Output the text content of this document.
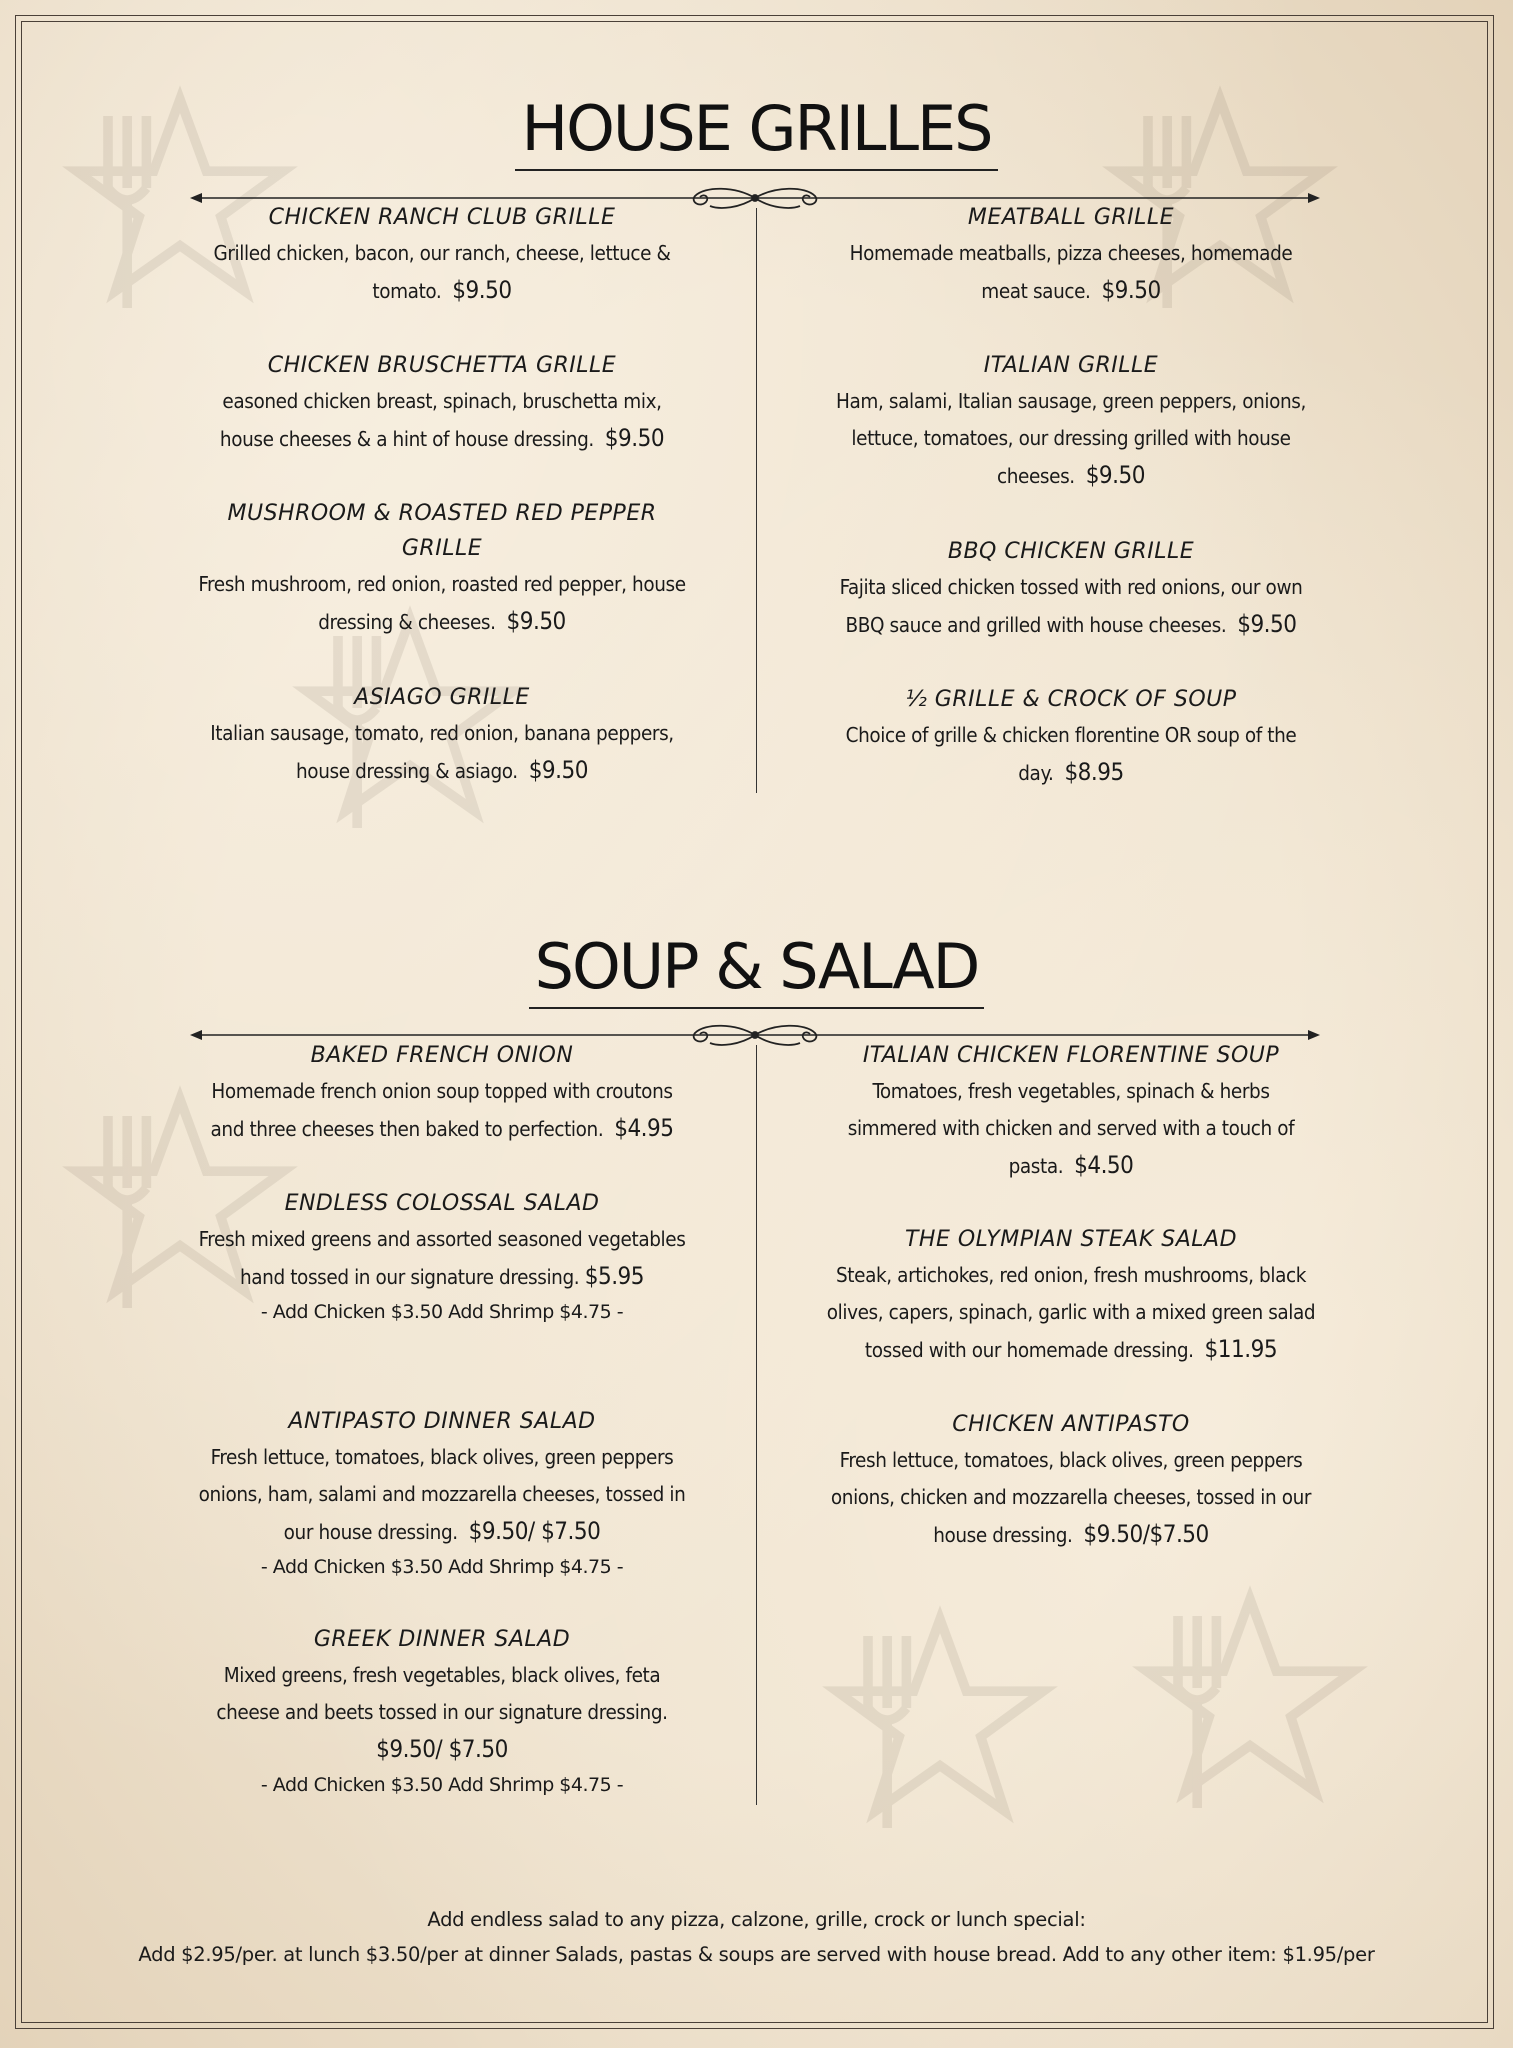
HOUSE GRILLES
CHICKEN RANCH CLUB GRILLE
Grilled chicken, bacon, our ranch, cheese, lettuce & tomato. $9.50
CHICKEN BRUSCHETTA GRILLE
easoned chicken breast, spinach, bruschetta mix, house cheeses & a hint of house dressing. $9.50
MUSHROOM & ROASTED RED PEPPER GRILLE
Fresh mushroom, red onion, roasted red pepper, house dressing & cheeses. $9.50
ASIAGO GRILLE
Italian sausage, tomato, red onion, banana peppers, house dressing & asiago. $9.50
MEATBALL GRILLE
Homemade meatballs, pizza cheeses, homemade meat sauce. $9.50
ITALIAN GRILLE
Ham, salami, Italian sausage, green peppers, onions, lettuce, tomatoes, our dressing grilled with house cheeses. $9.50
BBQ CHICKEN GRILLE
Fajita sliced chicken tossed with red onions, our own BBQ sauce and grilled with house cheeses. $9.50
½ GRILLE & CROCK OF SOUP
Choice of grille & chicken florentine OR soup of the day. $8.95
SOUP & SALAD
BAKED FRENCH ONION
Homemade french onion soup topped with croutons and three cheeses then baked to perfection. $4.95
ENDLESS COLOSSAL SALAD
Fresh mixed greens and assorted seasoned vegetables hand tossed in our signature dressing. $5.95
- Add Chicken $3.50 Add Shrimp $4.75 -
ANTIPASTO DINNER SALAD
Fresh lettuce, tomatoes, black olives, green peppers onions, ham, salami and mozzarella cheeses, tossed in our house dressing. $9.50/ $7.50
- Add Chicken $3.50 Add Shrimp $4.75 -
GREEK DINNER SALAD
Mixed greens, fresh vegetables, black olives, feta cheese and beets tossed in our signature dressing. $9.50/ $7.50
- Add Chicken $3.50 Add Shrimp $4.75 -
ITALIAN CHICKEN FLORENTINE SOUP
Tomatoes, fresh vegetables, spinach & herbs simmered with chicken and served with a touch of pasta. $4.50
THE OLYMPIAN STEAK SALAD
Steak, artichokes, red onion, fresh mushrooms, black olives, capers, spinach, garlic with a mixed green salad tossed with our homemade dressing. $11.95
CHICKEN ANTIPASTO
Fresh lettuce, tomatoes, black olives, green peppers onions, chicken and mozzarella cheeses, tossed in our house dressing. $9.50/$7.50
Add endless salad to any pizza, calzone, grille, crock or lunch special:
Add $2.95/per. at lunch $3.50/per at dinner Salads, pastas & soups are served with house bread. Add to any other item: $1.95/per
